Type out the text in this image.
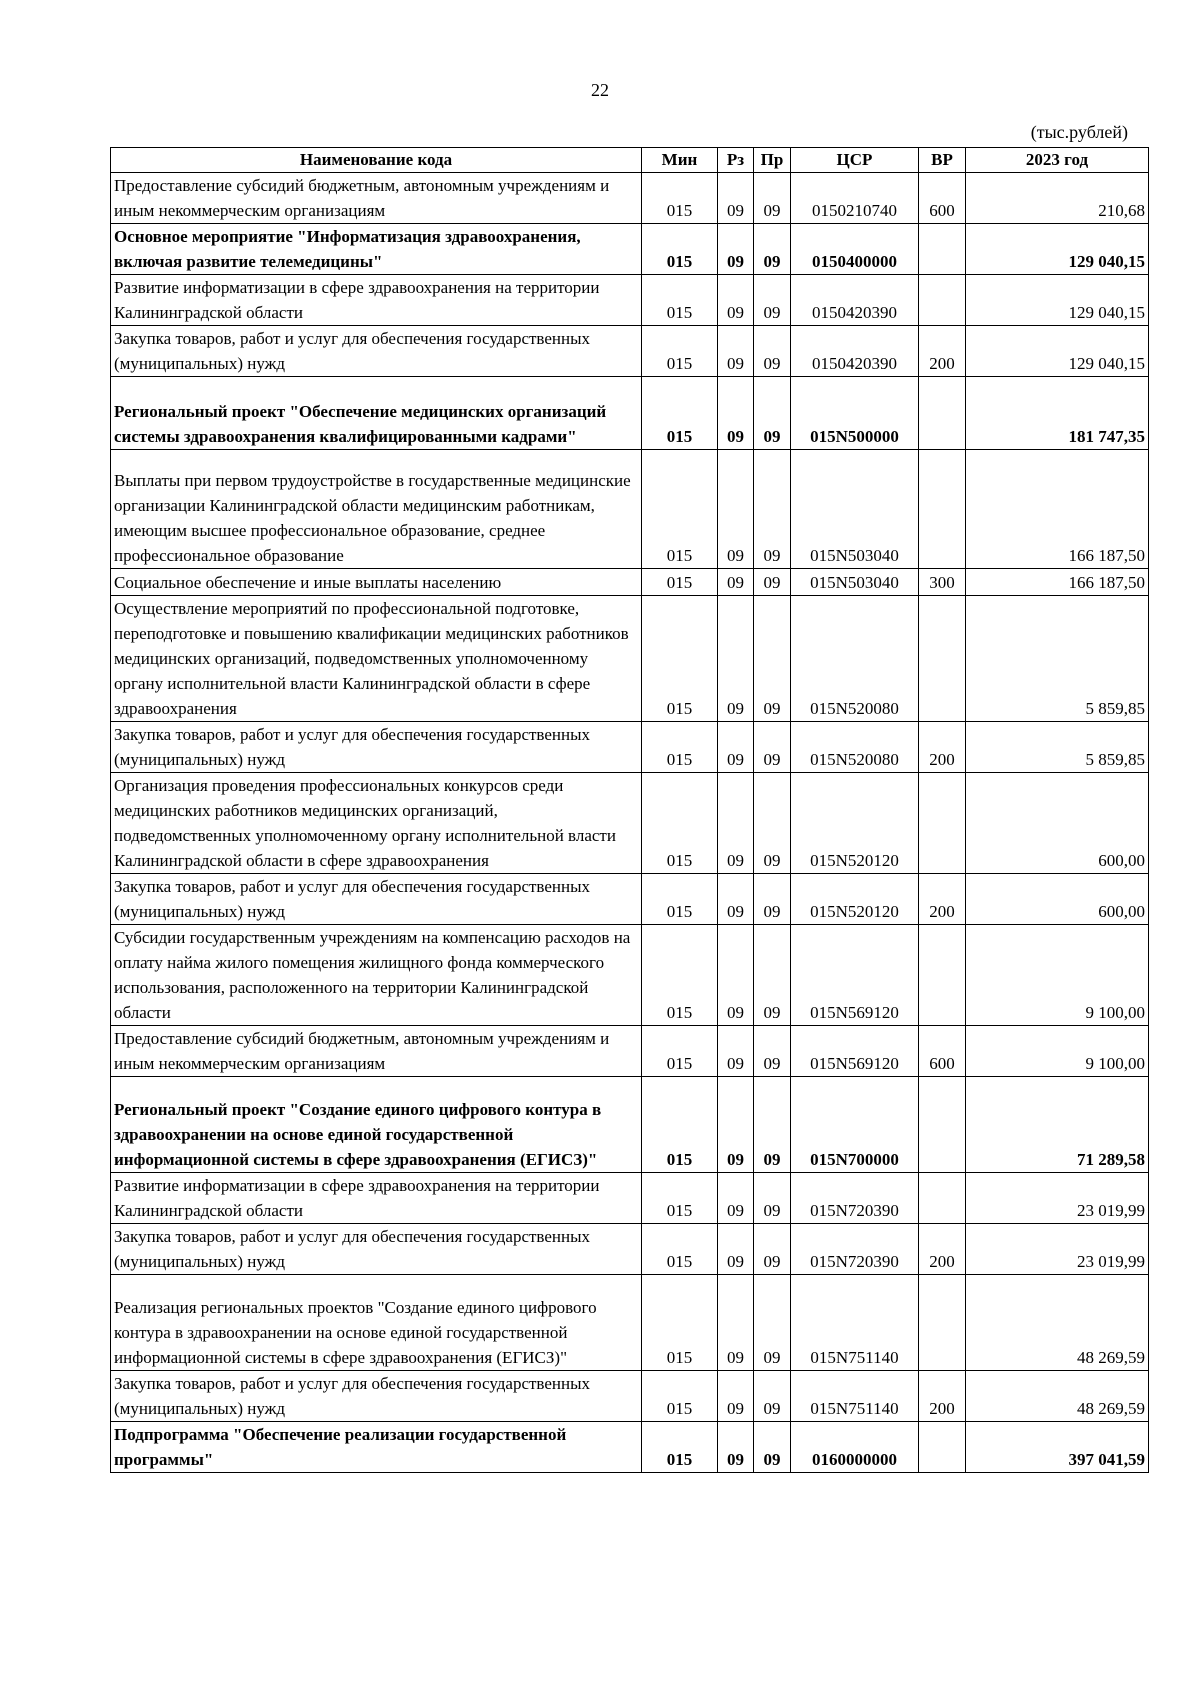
22
(тыс.рублей)
Наименование кода	Мин	Рз	Пр	ЦСР	ВР	2023 год
Предоставление субсидий бюджетным, автономным учреждениям и иным некоммерческим организациям	015	09	09	0150210740	600	210,68
Основное мероприятие "Информатизация здравоохранения, включая развитие телемедицины"	015	09	09	0150400000		129 040,15
Развитие информатизации в сфере здравоохранения на территории Калининградской области	015	09	09	0150420390		129 040,15
Закупка товаров, работ и услуг для обеспечения государственных (муниципальных) нужд	015	09	09	0150420390	200	129 040,15
Региональный проект "Обеспечение медицинских организаций системы здравоохранения квалифицированными кадрами"	015	09	09	015N500000		181 747,35
Выплаты при первом трудоустройстве в государственные медицинские организации Калининградской области медицинским работникам, имеющим высшее профессиональное образование, среднее профессиональное образование	015	09	09	015N503040		166 187,50
Социальное обеспечение и иные выплаты населению	015	09	09	015N503040	300	166 187,50
Осуществление мероприятий по профессиональной подготовке, переподготовке и повышению квалификации медицинских работников медицинских организаций, подведомственных уполномоченному органу исполнительной власти Калининградской области в сфере здравоохранения	015	09	09	015N520080		5 859,85
Закупка товаров, работ и услуг для обеспечения государственных (муниципальных) нужд	015	09	09	015N520080	200	5 859,85
Организация проведения профессиональных конкурсов среди медицинских работников медицинских организаций, подведомственных уполномоченному органу исполнительной власти Калининградской области в сфере здравоохранения	015	09	09	015N520120		600,00
Закупка товаров, работ и услуг для обеспечения государственных (муниципальных) нужд	015	09	09	015N520120	200	600,00
Субсидии государственным учреждениям на компенсацию расходов на оплату найма жилого помещения жилищного фонда коммерческого использования, расположенного на территории Калининградской области	015	09	09	015N569120		9 100,00
Предоставление субсидий бюджетным, автономным учреждениям и иным некоммерческим организациям	015	09	09	015N569120	600	9 100,00
Региональный проект "Создание единого цифрового контура в здравоохранении на основе единой государственной информационной системы в сфере здравоохранения (ЕГИСЗ)"	015	09	09	015N700000		71 289,58
Развитие информатизации в сфере здравоохранения на территории Калининградской области	015	09	09	015N720390		23 019,99
Закупка товаров, работ и услуг для обеспечения государственных (муниципальных) нужд	015	09	09	015N720390	200	23 019,99
Реализация региональных проектов "Создание единого цифрового контура в здравоохранении на основе единой государственной информационной системы в сфере здравоохранения (ЕГИСЗ)"	015	09	09	015N751140		48 269,59
Закупка товаров, работ и услуг для обеспечения государственных (муниципальных) нужд	015	09	09	015N751140	200	48 269,59
Подпрограмма "Обеспечение реализации государственной программы"	015	09	09	0160000000		397 041,59
